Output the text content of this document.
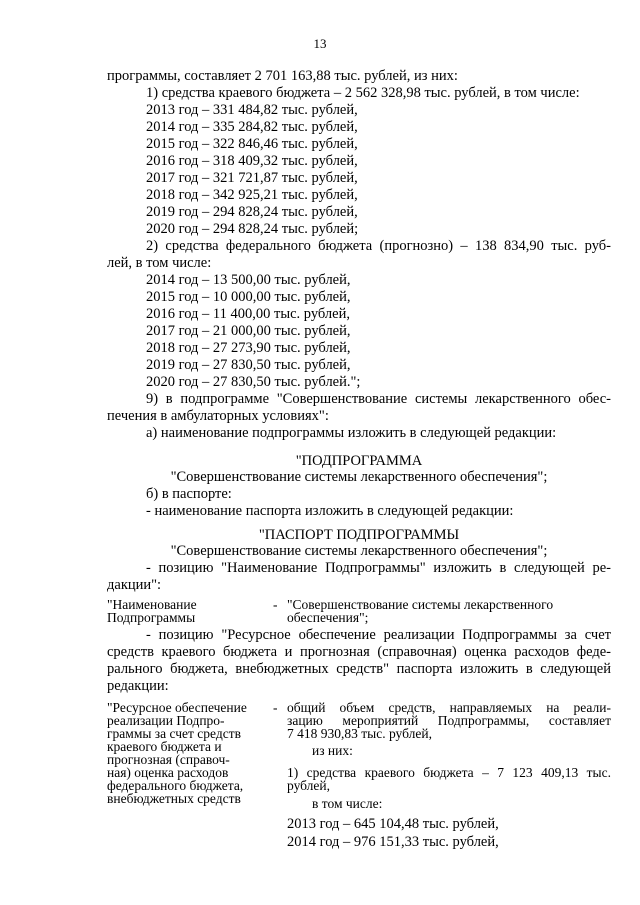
13
программы, составляет 2 701 163,88 тыс. рублей, из них:
1) средства краевого бюджета – 2 562 328,98 тыс. рублей, в том числе:
2013 год – 331 484,82 тыс. рублей,
2014 год – 335 284,82 тыс. рублей,
2015 год – 322 846,46 тыс. рублей,
2016 год – 318 409,32 тыс. рублей,
2017 год – 321 721,87 тыс. рублей,
2018 год – 342 925,21 тыс. рублей,
2019 год – 294 828,24 тыс. рублей,
2020 год – 294 828,24 тыс. рублей;
2) средства федерального бюджета (прогнозно) – 138 834,90 тыс. руб-
лей, в том числе:
2014 год – 13 500,00 тыс. рублей,
2015 год – 10 000,00 тыс. рублей,
2016 год – 11 400,00 тыс. рублей,
2017 год – 21 000,00 тыс. рублей,
2018 год – 27 273,90 тыс. рублей,
2019 год – 27 830,50 тыс. рублей,
2020 год – 27 830,50 тыс. рублей.";
9) в подпрограмме "Совершенствование системы лекарственного обес-
печения в амбулаторных условиях":
а) наименование подпрограммы изложить в следующей редакции:
"ПОДПРОГРАММА
"Совершенствование системы лекарственного обеспечения";
б) в паспорте:
- наименование паспорта изложить в следующей редакции:
"ПАСПОРТ ПОДПРОГРАММЫ
"Совершенствование системы лекарственного обеспечения";
- позицию "Наименование Подпрограммы" изложить в следующей ре-
дакции":
"Наименование
Подпрограммы
- "Совершенствование системы лекарственного
обеспечения";
- позицию "Ресурсное обеспечение реализации Подпрограммы за счет
средств краевого бюджета и прогнозная (справочная) оценка расходов феде-
рального бюджета, внебюджетных средств" паспорта изложить в следующей
редакции:
"Ресурсное обеспечение
реализации Подпро-
граммы за счет средств
краевого бюджета и
прогнозная (справоч-
ная) оценка расходов
федерального бюджета,
внебюджетных средств
- общий объем средств, направляемых на реали-
зацию мероприятий Подпрограммы, составляет
7 418 930,83 тыс. рублей,
из них:
1) средства краевого бюджета – 7 123 409,13 тыс.
рублей,
в том числе:
2013 год – 645 104,48 тыс. рублей,
2014 год – 976 151,33 тыс. рублей,
